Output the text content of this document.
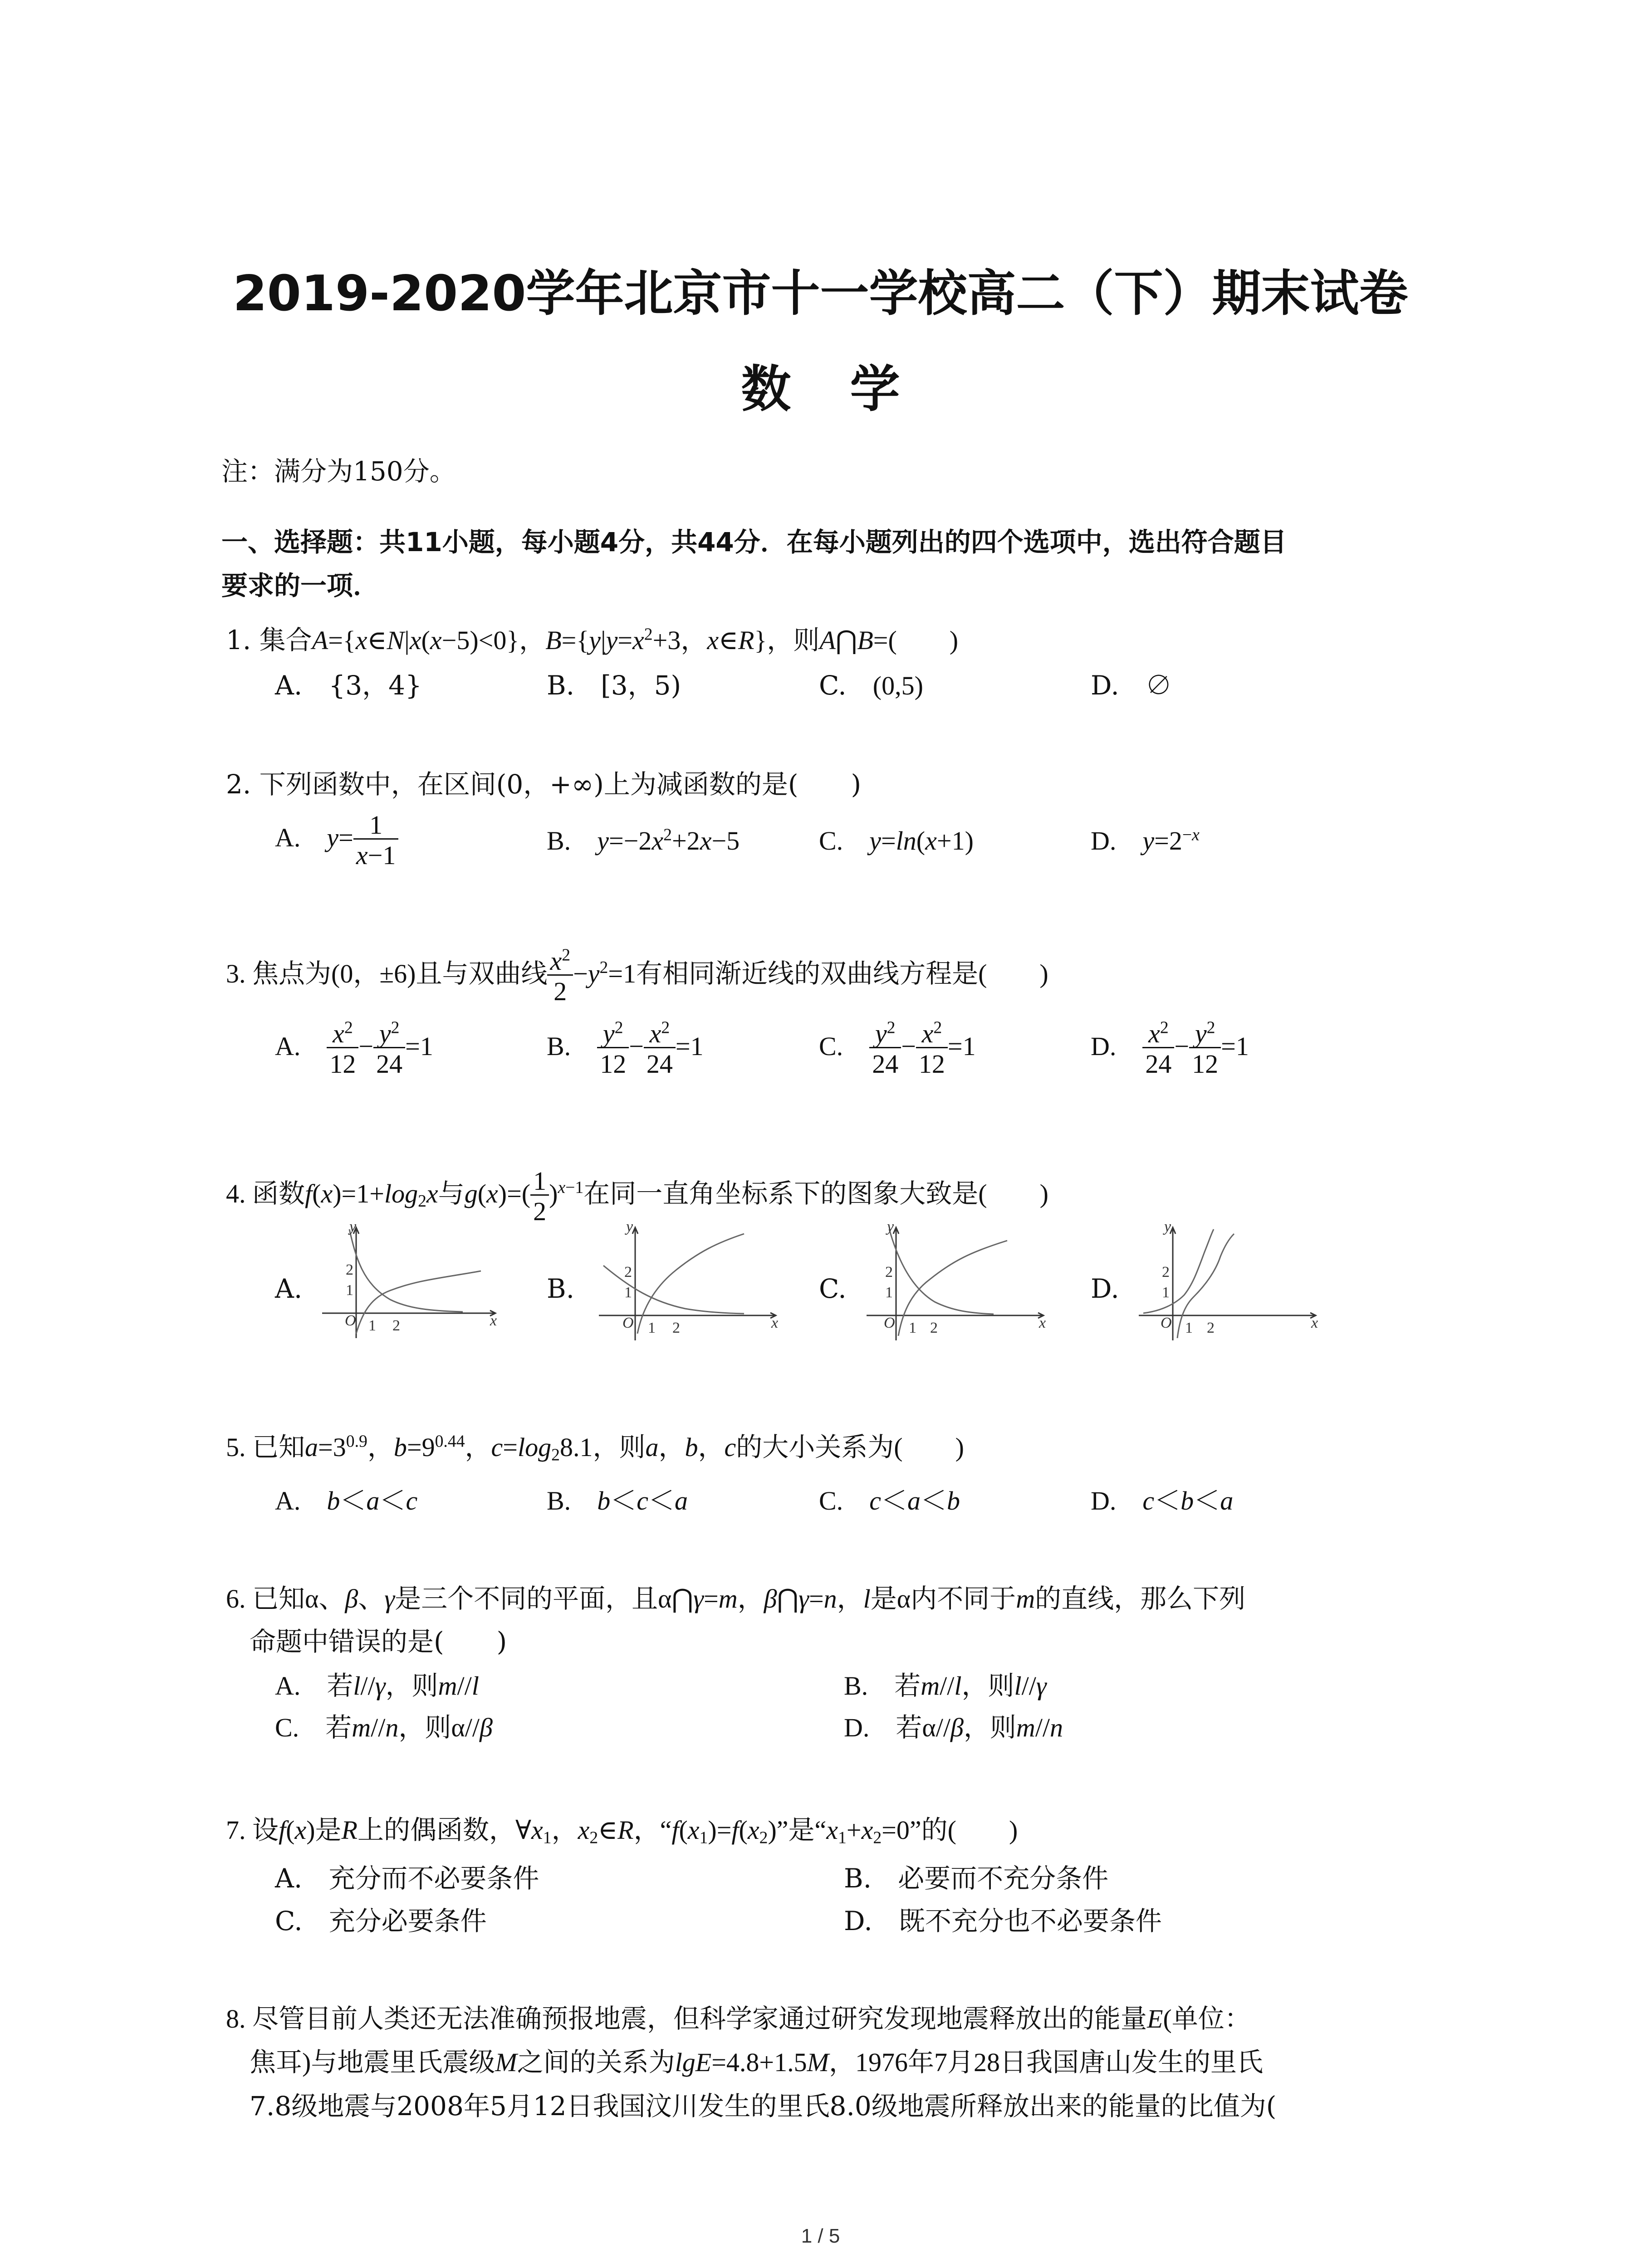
2019-2020学年北京市十一学校高二（下）期末试卷
数学
注：满分为150分。
一、选择题：共11小题，每小题4分，共44分．在每小题列出的四个选项中，选出符合题目
要求的一项．
1. 集合A={x∈N|x(x−5)<0}，$B=\{y|y=x^2+3$，x∈R}，则A⋂B=(　　)
A.　 {3，4}	B.　 [3，5)	C.　 (0,5)	D.　 ∅
2. 下列函数中，在区间(0，+∞)上为减函数的是(　　)
A.　 $y= \frac{1}{x-1}$	B.　 $y=-2x^2+2x-5$	C.　 y=ln(x+1)	D.　 $y=2^{-x}$
3. 焦点为(0，±6)且与双曲线 $\frac{x^2}{2} -y^2=1$有相同渐近线的双曲线方程是(　　)
A.　 $\frac{x^2}{12} - \frac{y^2}{24} =1$	B.　 $\frac{y^2}{12} - \frac{x^2}{24} =1$	C.　 $\frac{y^2}{24} - \frac{x^2}{12} =1$	D.　 $\frac{x^2}{24} - \frac{y^2}{12} =1$
4. 函数$f(x)=1+\log_2x$与$g(x)=( \frac{1}{2} )^{x-1}$在同一直角坐标系下的图象大致是(　　)
A.	B.	C.	D.
O 1 2
2
1
x
y
O 1 2
2
1
x
y
O 1 2
2
1
x
y
O 1 2
2
1
x
y
5. 已知$a=3^{0.9}$，$b=9^{0.44}$，$c=\log_28.1$，则a，b，c的大小关系为(　　)
A.　 b＜a＜c	B.　 b＜c＜a	C.　 c＜a＜b	D.　 c＜b＜a
6. 已知α、β、γ是三个不同的平面，且α⋂γ=m，β⋂γ=n，l是α内不同于m的直线，那么下列
命题中错误的是(　　)
A.　若l//γ，则m//l	B.　若m//l，则l//γ
C.　若m//n，则α//β	D.　若α//β，则m//n
7. 设f(x)是R上的偶函数，$\forall x_1$，$x_2\in R$，“$f(x_1)=f(x_2)$”是“$x_1+x_2=0$”的(　　)
A.　 充分而不必要条件	B.　 必要而不充分条件
C.　 充分必要条件	D.　 既不充分也不必要条件
8. 尽管目前人类还无法准确预报地震，但科学家通过研究发现地震释放出的能量E(单位：
焦耳)与地震里氏震级M之间的关系为lgE=4.8+1.5M，1976年7月28日我国唐山发生的里氏
7.8级地震与2008年5月12日我国汶川发生的里氏8.0级地震所释放出来的能量的比值为(
1 / 5
